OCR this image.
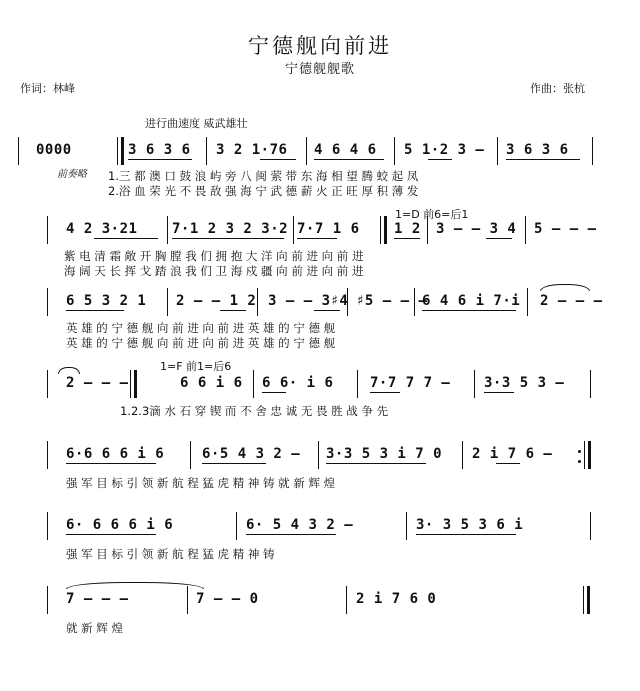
宁德舰向前进
宁德舰舰歌
作词：林峰	作曲：张杭
进行曲速度 威武雄壮
0000	3 6 3 6 3 2 1·76 4 6 4 6 5 1·2 3 – 3 6 3 6
前奏略 1.三 都 澳 口 鼓 浪 屿 旁 八 闽 萦 带 东 海 相 望 腾 蛟 起 凤
2.浴 血 荣 光 不 畏 敌 强 海 宁 武 德 薪 火 正 旺 厚 积 薄 发
1=D 前6=后1
4 2 3·21 7·1 2 3 2 3·2 7·7 1 6 1 2 3 – – 3 4 5 – – –
紫 电 清 霜 敞 开 胸 膛 我 们 拥 抱 大 洋 向 前 进 向 前 进
海 阔 天 长 挥 戈 踏 浪 我 们 卫 海 戍 疆 向 前 进 向 前 进
6 5 3 2 1 2 – – 1 2 3 – – 3♯4 ♯5 – – –
6 4 6 i 7·i 2 – – –
英 雄 的 宁 德 舰 向 前 进 向 前 进 英 雄 的 宁 德 舰
英 雄 的 宁 德 舰 向 前 进 向 前 进 英 雄 的 宁 德 舰
1=F 前1=后6
2 – – –	6 6 i 6 6 6· i 6	7·7 7 7 – 3·3 5 3 –
1.2.3滴 水 石 穿 锲 而 不 舍 忠 诚 无 畏 胜 战 争 先
6·6 6 6 i 6	6·5 4 3 2 – 3·3 5 3 i 7 0 2 i 7 6 –
强 军 目 标 引 领 新 航 程 猛 虎 精 神 铸 就 新 辉 煌
6· 6 6 6 i 6	6· 5 4 3 2 –	3· 3 5 3 6 i
强 军 目 标 引 领 新 航 程 猛 虎 精 神 铸
7 – – –	7 – – 0	2 i 7 6 0
就 新 辉 煌
